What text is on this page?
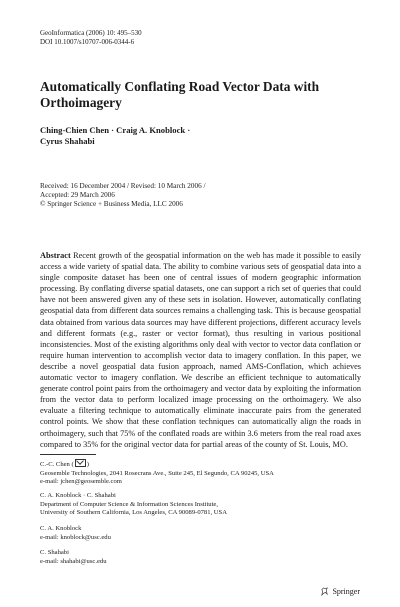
GeoInformatica (2006) 10: 495–530
DOI 10.1007/s10707-006-0344-6
Automatically Conflating Road Vector Data with Orthoimagery
Ching-Chien Chen · Craig A. Knoblock ·
Cyrus Shahabi
Received: 16 December 2004 / Revised: 10 March 2006 /
Accepted: 29 March 2006
© Springer Science + Business Media, LLC 2006
Abstract Recent growth of the geospatial information on the web has made it possible to easily access a wide variety of spatial data. The ability to combine various sets of geospatial data into a single composite dataset has been one of central issues of modern geographic information processing. By conflating diverse spatial datasets, one can support a rich set of queries that could have not been answered given any of these sets in isolation. However, automatically conflating geospatial data from different data sources remains a challenging task. This is because geospatial data obtained from various data sources may have different projections, different accuracy levels and different formats (e.g., raster or vector format), thus resulting in various positional inconsistencies. Most of the existing algorithms only deal with vector to vector data conflation or require human intervention to accomplish vector data to imagery conflation. In this paper, we describe a novel geospatial data fusion approach, named AMS-Conflation, which achieves automatic vector to imagery conflation. We describe an efficient technique to automatically generate control point pairs from the orthoimagery and vector data by exploiting the information from the vector data to perform localized image processing on the orthoimagery. We also evaluate a filtering technique to automatically eliminate inaccurate pairs from the generated control points. We show that these conflation techniques can automatically align the roads in orthoimagery, such that 75% of the conflated roads are within 3.6 meters from the real road axes compared to 35% for the original vector data for partial areas of the county of St. Louis, MO.
C.-C. Chen ( )
Geosemble Technologies, 2041 Rosecrans Ave., Suite 245, El Segundo, CA 90245, USA
e-mail: jchen@geosemble.com
C. A. Knoblock · C. Shahabi
Department of Computer Science & Information Sciences Institute,
University of Southern California, Los Angeles, CA 90089-0781, USA
C. A. Knoblock
e-mail: knoblock@usc.edu
C. Shahabi
e-mail: shahabi@usc.edu
Springer
